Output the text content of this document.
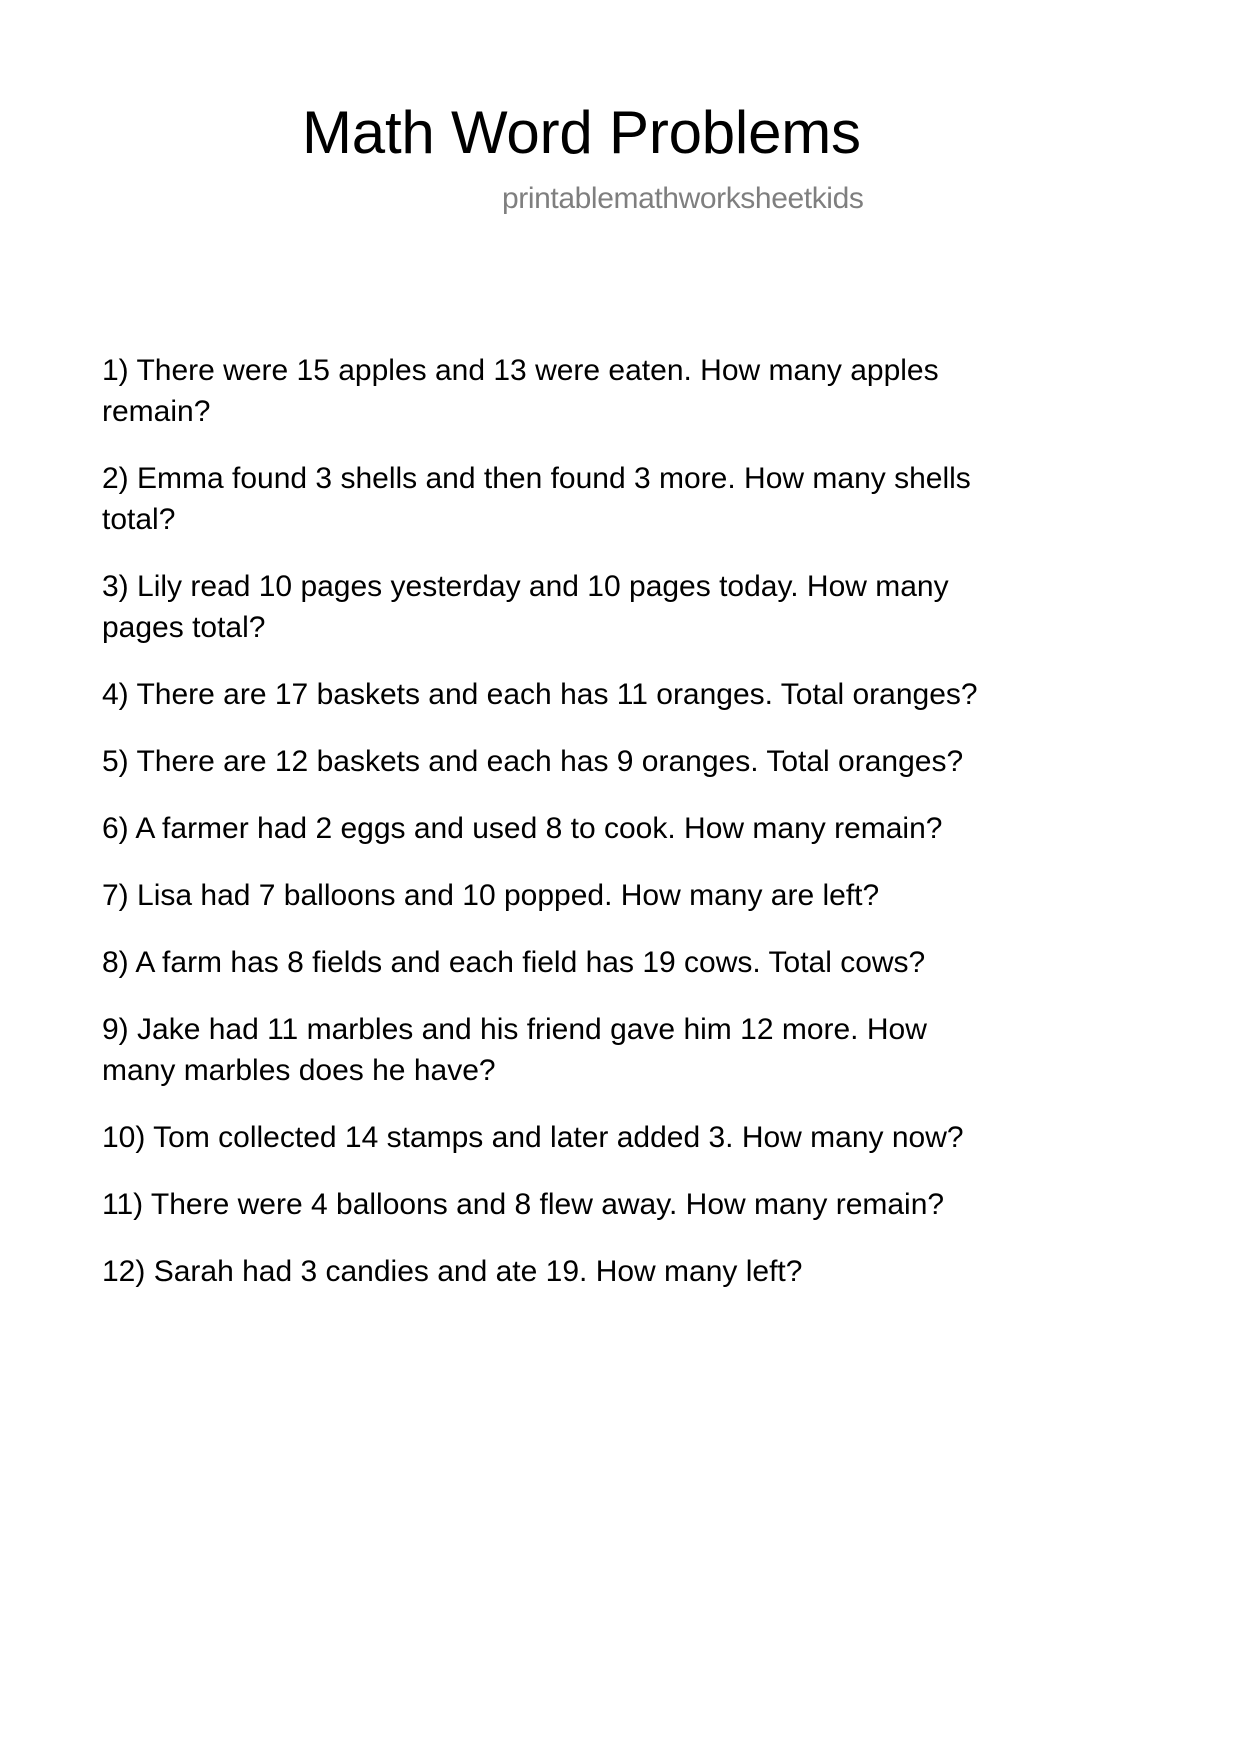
Math Word Problems
printablemathworksheetkids
1) There were 15 apples and 13 were eaten. How many apples
remain?
2) Emma found 3 shells and then found 3 more. How many shells
total?
3) Lily read 10 pages yesterday and 10 pages today. How many
pages total?
4) There are 17 baskets and each has 11 oranges. Total oranges?
5) There are 12 baskets and each has 9 oranges. Total oranges?
6) A farmer had 2 eggs and used 8 to cook. How many remain?
7) Lisa had 7 balloons and 10 popped. How many are left?
8) A farm has 8 fields and each field has 19 cows. Total cows?
9) Jake had 11 marbles and his friend gave him 12 more. How
many marbles does he have?
10) Tom collected 14 stamps and later added 3. How many now?
11) There were 4 balloons and 8 flew away. How many remain?
12) Sarah had 3 candies and ate 19. How many left?
